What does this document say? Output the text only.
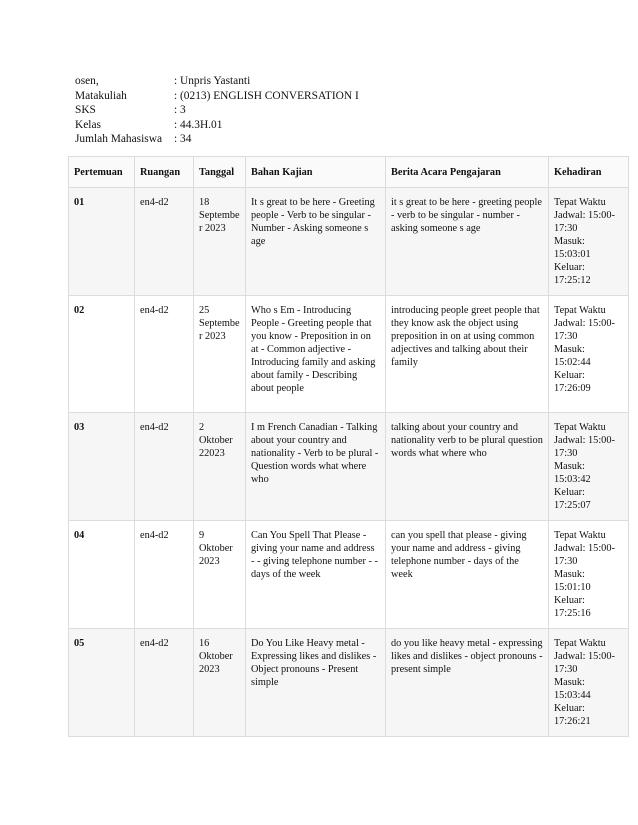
osen,	: Unpris Yastanti
Matakuliah	: (0213) ENGLISH CONVERSATION I
SKS	: 3
Kelas	: 44.3H.01
Jumlah Mahasiswa	: 34
Pertemuan	Ruangan	Tanggal	Bahan Kajian	Berita Acara Pengajaran	Kehadiran
01	en4-d2	18 September 2023	It s great to be here - Greeting people - Verb to be singular - Number - Asking someone s age	it s great to be here - greeting people - verb to be singular - number - asking someone s age	Tepat Waktu
Jadwal: 15:00-17:30
Masuk: 15:03:01
Keluar: 17:25:12

02	en4-d2	25 September 2023	Who s Em - Introducing People - Greeting people that you know - Preposition in on at - Common adjective - Introducing family and asking about family - Describing about people	introducing people greet people that they know ask the object using preposition in on at using common adjectives and talking about their family	Tepat Waktu
Jadwal: 15:00-17:30
Masuk: 15:02:44
Keluar: 17:26:09

03	en4-d2	2 Oktober 22023	I m French Canadian - Talking about your country and nationality - Verb to be plural - Question words what where who	talking about your country and nationality verb to be plural question words what where who	Tepat Waktu
Jadwal: 15:00-17:30
Masuk: 15:03:42
Keluar: 17:25:07

04	en4-d2	9 Oktober 2023	Can You Spell That Please - giving your name and address - - giving telephone number - - days of the week	can you spell that please - giving your name and address - giving telephone number - days of the week	Tepat Waktu
Jadwal: 15:00-17:30
Masuk: 15:01:10
Keluar: 17:25:16

05	en4-d2	16 Oktober 2023	Do You Like Heavy metal - Expressing likes and dislikes - Object pronouns - Present simple	do you like heavy metal - expressing likes and dislikes - object pronouns - present simple	Tepat Waktu
Jadwal: 15:00-17:30
Masuk: 15:03:44
Keluar: 17:26:21
